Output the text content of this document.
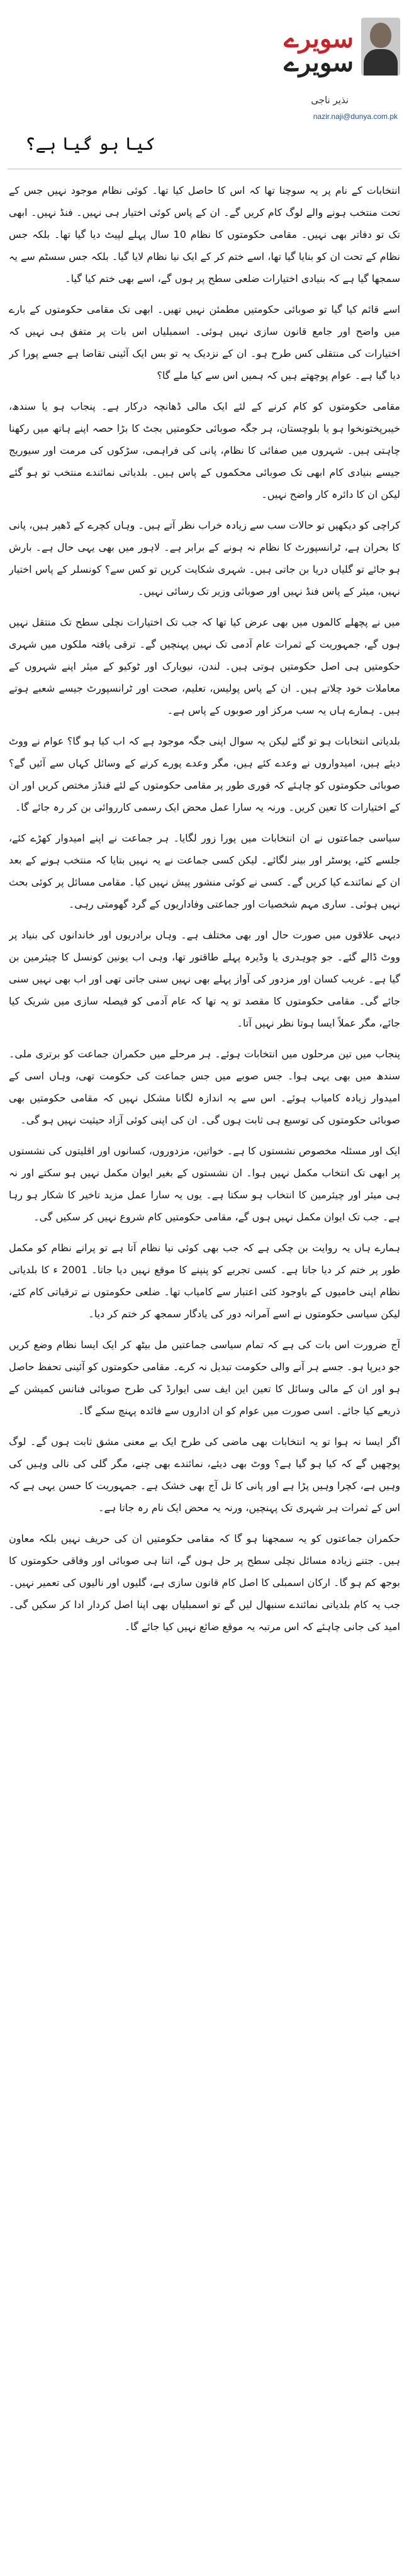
سویرے
سویرے
نذیر ناجی
nazir.naji@dunya.com.pk
کیا ہو گیا ہے؟

انتخابات کے نام پر یہ سوچنا تھا کہ اس کا حاصل کیا تھا۔ کوئی نظام موجود نہیں جس کے تحت منتخب ہونے والے لوگ کام کریں گے۔ ان کے پاس کوئی اختیار ہی نہیں۔ فنڈ نہیں۔ ابھی تک تو دفاتر بھی نہیں۔ مقامی حکومتوں کا نظام 10 سال پہلے لپیٹ دیا گیا تھا۔ بلکہ جس نظام کے تحت ان کو بنایا گیا تھا، اسے ختم کر کے ایک نیا نظام لایا گیا۔ بلکہ جس سسٹم سے یہ سمجھا گیا ہے کہ بنیادی اختیارات ضلعی سطح پر ہوں گے، اسے بھی ختم کیا گیا۔

اسے قائم کیا گیا تو صوبائی حکومتیں مطمئن نہیں تھیں۔ ابھی تک مقامی حکومتوں کے بارے میں واضح اور جامع قانون سازی نہیں ہوئی۔ اسمبلیاں اس بات پر متفق ہی نہیں کہ اختیارات کی منتقلی کس طرح ہو۔ ان کے نزدیک یہ تو بس ایک آئینی تقاضا ہے جسے پورا کر دیا گیا ہے۔ عوام پوچھتے ہیں کہ ہمیں اس سے کیا ملے گا؟

مقامی حکومتوں کو کام کرنے کے لئے ایک مالی ڈھانچہ درکار ہے۔ پنجاب ہو یا سندھ، خیبرپختونخوا ہو یا بلوچستان، ہر جگہ صوبائی حکومتیں بجٹ کا بڑا حصہ اپنے ہاتھ میں رکھنا چاہتی ہیں۔ شہروں میں صفائی کا نظام، پانی کی فراہمی، سڑکوں کی مرمت اور سیوریج جیسے بنیادی کام ابھی تک صوبائی محکموں کے پاس ہیں۔ بلدیاتی نمائندے منتخب تو ہو گئے لیکن ان کا دائرہ کار واضح نہیں۔

کراچی کو دیکھیں تو حالات سب سے زیادہ خراب نظر آتے ہیں۔ وہاں کچرے کے ڈھیر ہیں، پانی کا بحران ہے، ٹرانسپورٹ کا نظام نہ ہونے کے برابر ہے۔ لاہور میں بھی یہی حال ہے۔ بارش ہو جائے تو گلیاں دریا بن جاتی ہیں۔ شہری شکایت کریں تو کس سے؟ کونسلر کے پاس اختیار نہیں، میئر کے پاس فنڈ نہیں اور صوبائی وزیر تک رسائی نہیں۔

میں نے پچھلے کالموں میں بھی عرض کیا تھا کہ جب تک اختیارات نچلی سطح تک منتقل نہیں ہوں گے، جمہوریت کے ثمرات عام آدمی تک نہیں پہنچیں گے۔ ترقی یافتہ ملکوں میں شہری حکومتیں ہی اصل حکومتیں ہوتی ہیں۔ لندن، نیویارک اور ٹوکیو کے میئر اپنے شہروں کے معاملات خود چلاتے ہیں۔ ان کے پاس پولیس، تعلیم، صحت اور ٹرانسپورٹ جیسے شعبے ہوتے ہیں۔ ہمارے ہاں یہ سب مرکز اور صوبوں کے پاس ہے۔

بلدیاتی انتخابات ہو تو گئے لیکن یہ سوال اپنی جگہ موجود ہے کہ اب کیا ہو گا؟ عوام نے ووٹ دیئے ہیں، امیدواروں نے وعدے کئے ہیں، مگر وعدے پورے کرنے کے وسائل کہاں سے آئیں گے؟ صوبائی حکومتوں کو چاہئے کہ فوری طور پر مقامی حکومتوں کے لئے فنڈز مختص کریں اور ان کے اختیارات کا تعین کریں۔ ورنہ یہ سارا عمل محض ایک رسمی کارروائی بن کر رہ جائے گا۔

سیاسی جماعتوں نے ان انتخابات میں پورا زور لگایا۔ ہر جماعت نے اپنے امیدوار کھڑے کئے، جلسے کئے، پوسٹر اور بینر لگائے۔ لیکن کسی جماعت نے یہ نہیں بتایا کہ منتخب ہونے کے بعد ان کے نمائندے کیا کریں گے۔ کسی نے کوئی منشور پیش نہیں کیا۔ مقامی مسائل پر کوئی بحث نہیں ہوئی۔ ساری مہم شخصیات اور جماعتی وفاداریوں کے گرد گھومتی رہی۔

دیہی علاقوں میں صورت حال اور بھی مختلف ہے۔ وہاں برادریوں اور خاندانوں کی بنیاد پر ووٹ ڈالے گئے۔ جو چوہدری یا وڈیرہ پہلے طاقتور تھا، وہی اب یونین کونسل کا چیئرمین بن گیا ہے۔ غریب کسان اور مزدور کی آواز پہلے بھی نہیں سنی جاتی تھی اور اب بھی نہیں سنی جائے گی۔ مقامی حکومتوں کا مقصد تو یہ تھا کہ عام آدمی کو فیصلہ سازی میں شریک کیا جائے، مگر عملاً ایسا ہوتا نظر نہیں آتا۔

پنجاب میں تین مرحلوں میں انتخابات ہوئے۔ ہر مرحلے میں حکمران جماعت کو برتری ملی۔ سندھ میں بھی یہی ہوا۔ جس صوبے میں جس جماعت کی حکومت تھی، وہاں اسی کے امیدوار زیادہ کامیاب ہوئے۔ اس سے یہ اندازہ لگانا مشکل نہیں کہ مقامی حکومتیں بھی صوبائی حکومتوں کی توسیع ہی ثابت ہوں گی۔ ان کی اپنی کوئی آزاد حیثیت نہیں ہو گی۔

ایک اور مسئلہ مخصوص نشستوں کا ہے۔ خواتین، مزدوروں، کسانوں اور اقلیتوں کی نشستوں پر ابھی تک انتخاب مکمل نہیں ہوا۔ ان نشستوں کے بغیر ایوان مکمل نہیں ہو سکتے اور نہ ہی میئر اور چیئرمین کا انتخاب ہو سکتا ہے۔ یوں یہ سارا عمل مزید تاخیر کا شکار ہو رہا ہے۔ جب تک ایوان مکمل نہیں ہوں گے، مقامی حکومتیں کام شروع نہیں کر سکیں گی۔

ہمارے ہاں یہ روایت بن چکی ہے کہ جب بھی کوئی نیا نظام آتا ہے تو پرانے نظام کو مکمل طور پر ختم کر دیا جاتا ہے۔ کسی تجربے کو پنپنے کا موقع نہیں دیا جاتا۔ 2001 ء کا بلدیاتی نظام اپنی خامیوں کے باوجود کئی اعتبار سے کامیاب تھا۔ ضلعی حکومتوں نے ترقیاتی کام کئے، لیکن سیاسی حکومتوں نے اسے آمرانہ دور کی یادگار سمجھ کر ختم کر دیا۔

آج ضرورت اس بات کی ہے کہ تمام سیاسی جماعتیں مل بیٹھ کر ایک ایسا نظام وضع کریں جو دیرپا ہو۔ جسے ہر آنے والی حکومت تبدیل نہ کرے۔ مقامی حکومتوں کو آئینی تحفظ حاصل ہو اور ان کے مالی وسائل کا تعین این ایف سی ایوارڈ کی طرح صوبائی فنانس کمیشن کے ذریعے کیا جائے۔ اسی صورت میں عوام کو ان اداروں سے فائدہ پہنچ سکے گا۔

اگر ایسا نہ ہوا تو یہ انتخابات بھی ماضی کی طرح ایک بے معنی مشق ثابت ہوں گے۔ لوگ پوچھیں گے کہ کیا ہو گیا ہے؟ ووٹ بھی دیئے، نمائندے بھی چنے، مگر گلی کی نالی وہیں کی وہیں ہے، کچرا وہیں پڑا ہے اور پانی کا نل آج بھی خشک ہے۔ جمہوریت کا حسن یہی ہے کہ اس کے ثمرات ہر شہری تک پہنچیں، ورنہ یہ محض ایک نام رہ جاتا ہے۔

حکمران جماعتوں کو یہ سمجھنا ہو گا کہ مقامی حکومتیں ان کی حریف نہیں بلکہ معاون ہیں۔ جتنے زیادہ مسائل نچلی سطح پر حل ہوں گے، اتنا ہی صوبائی اور وفاقی حکومتوں کا بوجھ کم ہو گا۔ ارکان اسمبلی کا اصل کام قانون سازی ہے، گلیوں اور نالیوں کی تعمیر نہیں۔ جب یہ کام بلدیاتی نمائندے سنبھال لیں گے تو اسمبلیاں بھی اپنا اصل کردار ادا کر سکیں گی۔ امید کی جانی چاہئے کہ اس مرتبہ یہ موقع ضائع نہیں کیا جائے گا۔
